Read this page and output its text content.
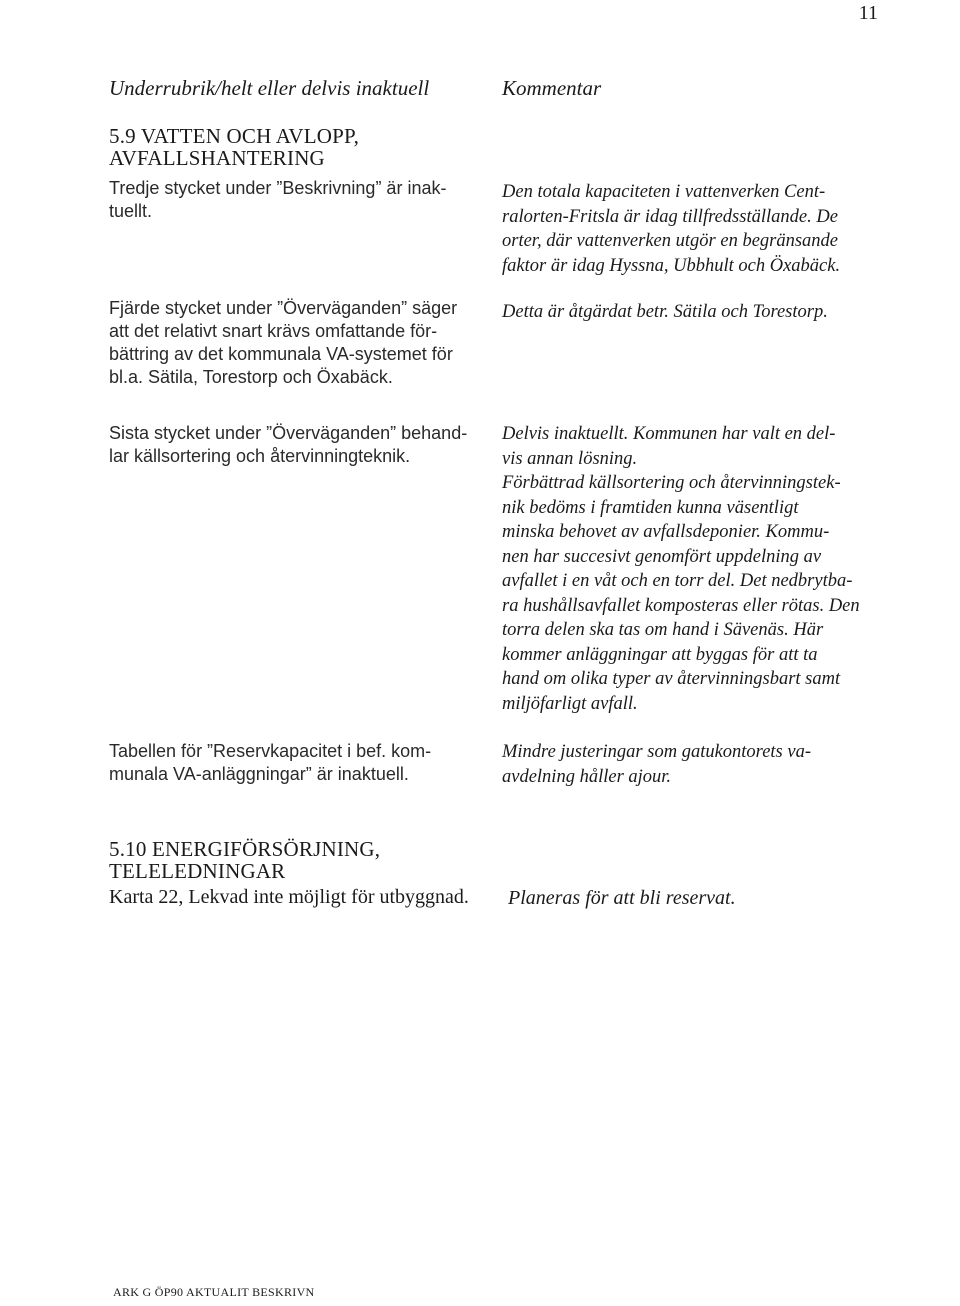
11
Underrubrik/helt eller delvis inaktuell	Kommentar
5.9 VATTEN OCH AVLOPP,
AVFALLSHANTERING
Tredje stycket under ”Beskrivning” är inak-
tuellt.
Den totala kapaciteten i vattenverken Cent-
ralorten-Fritsla är idag tillfredsställande. De
orter, där vattenverken utgör en begränsande
faktor är idag Hyssna, Ubbhult och Öxabäck.
Fjärde stycket under ”Överväganden” säger
att det relativt snart krävs omfattande för-
bättring av det kommunala VA-systemet för
bl.a. Sätila, Torestorp och Öxabäck.
Detta är åtgärdat betr. Sätila och Torestorp.
Sista stycket under ”Överväganden” behand-
lar källsortering och återvinningteknik.
Delvis inaktuellt. Kommunen har valt en del-
vis annan lösning.
Förbättrad källsortering och återvinningstek-
nik bedöms i framtiden kunna väsentligt
minska behovet av avfallsdeponier. Kommu-
nen har succesivt genomfört uppdelning av
avfallet i en våt och en torr del. Det nedbrytba-
ra hushållsavfallet komposteras eller rötas. Den
torra delen ska tas om hand i Sävenäs. Här
kommer anläggningar att byggas för att ta
hand om olika typer av återvinningsbart samt
miljöfarligt avfall.
Tabellen för ”Reservkapacitet i bef. kom-
munala VA-anläggningar” är inaktuell.
Mindre justeringar som gatukontorets va-
avdelning håller ajour.
5.10 ENERGIFÖRSÖRJNING,
TELELEDNINGAR
Karta 22, Lekvad inte möjligt för utbyggnad.	Planeras för att bli reservat.
ARK G ÖP90 AKTUALIT BESKRIVN
